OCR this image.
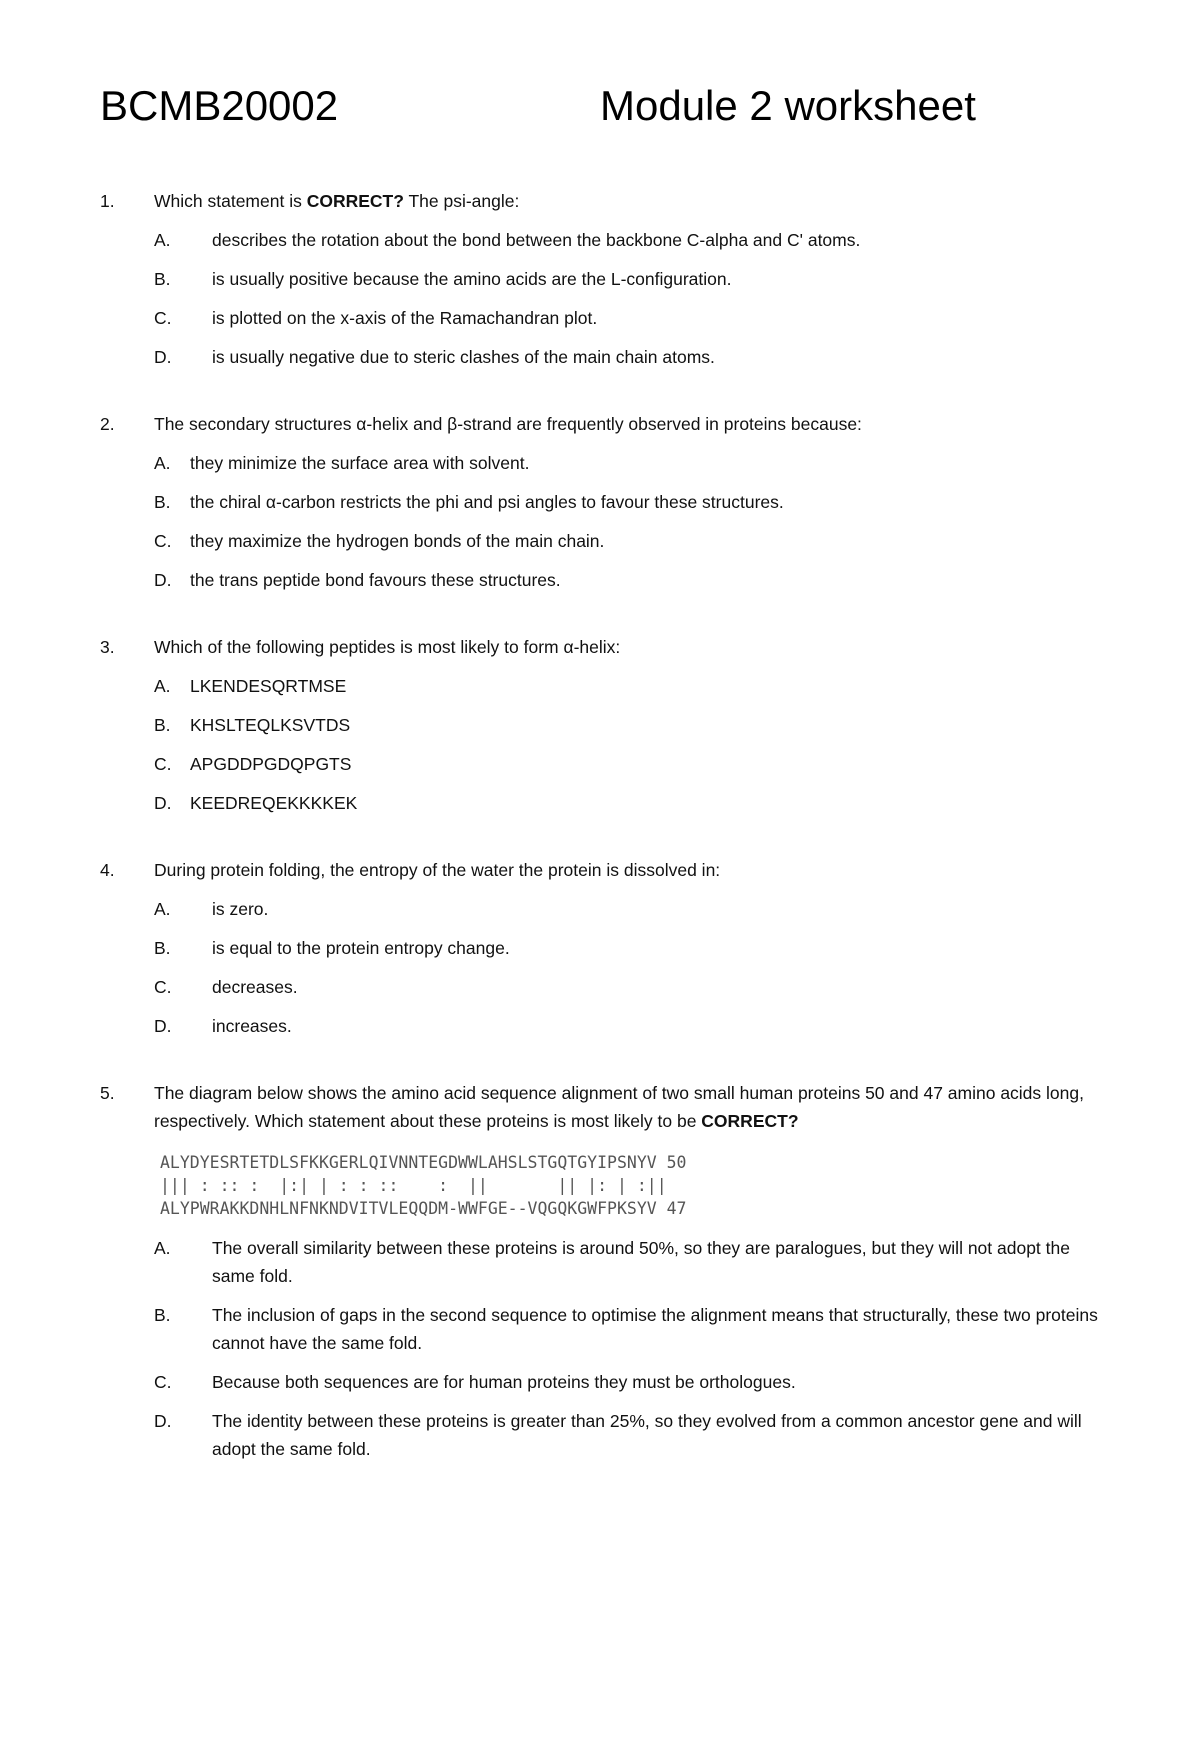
BCMB20002	Module 2 worksheet
1.	Which statement is CORRECT? The psi-angle:
A.	describes the rotation about the bond between the backbone C-alpha and C' atoms.
B.	is usually positive because the amino acids are the L-configuration.
C.	is plotted on the x-axis of the Ramachandran plot.
D.	is usually negative due to steric clashes of the main chain atoms.
2.	The secondary structures α-helix and β-strand are frequently observed in proteins because:
A.	they minimize the surface area with solvent.
B.	the chiral α-carbon restricts the phi and psi angles to favour these structures.
C.	they maximize the hydrogen bonds of the main chain.
D.	the trans peptide bond favours these structures.
3.	Which of the following peptides is most likely to form α-helix:
A.	LKENDESQRTMSE
B.	KHSLTEQLKSVTDS
C.	APGDDPGDQPGTS
D.	KEEDREQEKKKKEK
4.	During protein folding, the entropy of the water the protein is dissolved in:
A.	is zero.
B.	is equal to the protein entropy change.
C.	decreases.
D.	increases.
5.	The diagram below shows the amino acid sequence alignment of two small human proteins 50 and 47 amino acids long, respectively. Which statement about these proteins is most likely to be CORRECT?
ALYDYESRTETDLSFKKGERLQIVNNTEGDWWLAHSLSTGQTGYIPSNYV 50
||| : :: :  |:| | : : ::    :  ||       || |: | :||
ALYPWRAKKDNHLNFNKNDVITVLEQQDM-WWFGE--VQGQKGWFPKSYV 47
A.	The overall similarity between these proteins is around 50%, so they are paralogues, but they will not adopt the same fold.
B.	The inclusion of gaps in the second sequence to optimise the alignment means that structurally, these two proteins cannot have the same fold.
C.	Because both sequences are for human proteins they must be orthologues.
D.	The identity between these proteins is greater than 25%, so they evolved from a common ancestor gene and will adopt the same fold.
